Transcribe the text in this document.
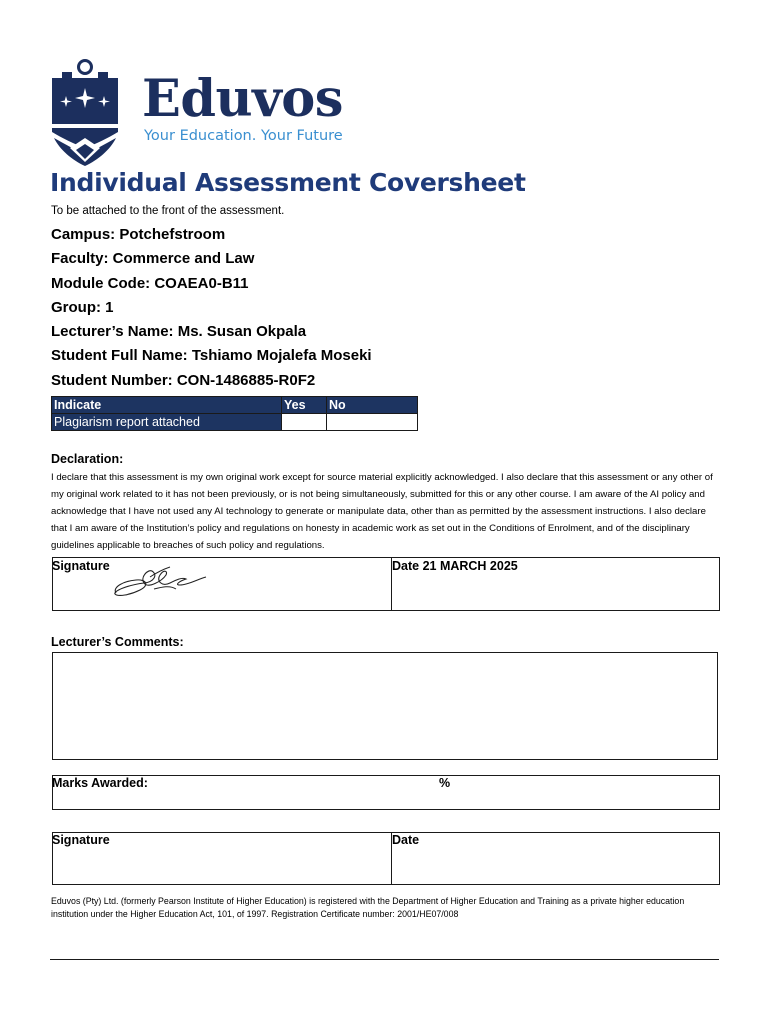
Eduvos
Your Education. Your Future
Individual Assessment Coversheet
To be attached to the front of the assessment.
Campus: Potchefstroom
Faculty: Commerce and Law
Module Code: COAEA0-B11
Group: 1
Lecturer’s Name: Ms. Susan Okpala
Student Full Name: Tshiamo Mojalefa Moseki
Student Number: CON-1486885-R0F2
Indicate	Yes	No
Plagiarism report attached		
Declaration:
I declare that this assessment is my own original work except for source material explicitly acknowledged. I also declare that this assessment or any other of my original work related to it has not been previously, or is not being simultaneously, submitted for this or any other course. I am aware of the AI policy and acknowledge that I have not used any AI technology to generate or manipulate data, other than as permitted by the assessment instructions. I also declare that I am aware of the Institution’s policy and regulations on honesty in academic work as set out in the Conditions of Enrolment, and of the disciplinary guidelines applicable to breaches of such policy and regulations.
Signature	Date 21 MARCH 2025
Lecturer’s Comments:
Marks Awarded:	%
Signature	Date
Eduvos (Pty) Ltd. (formerly Pearson Institute of Higher Education) is registered with the Department of Higher Education and Training as a private higher education institution under the Higher Education Act, 101, of 1997. Registration Certificate number: 2001/HE07/008
